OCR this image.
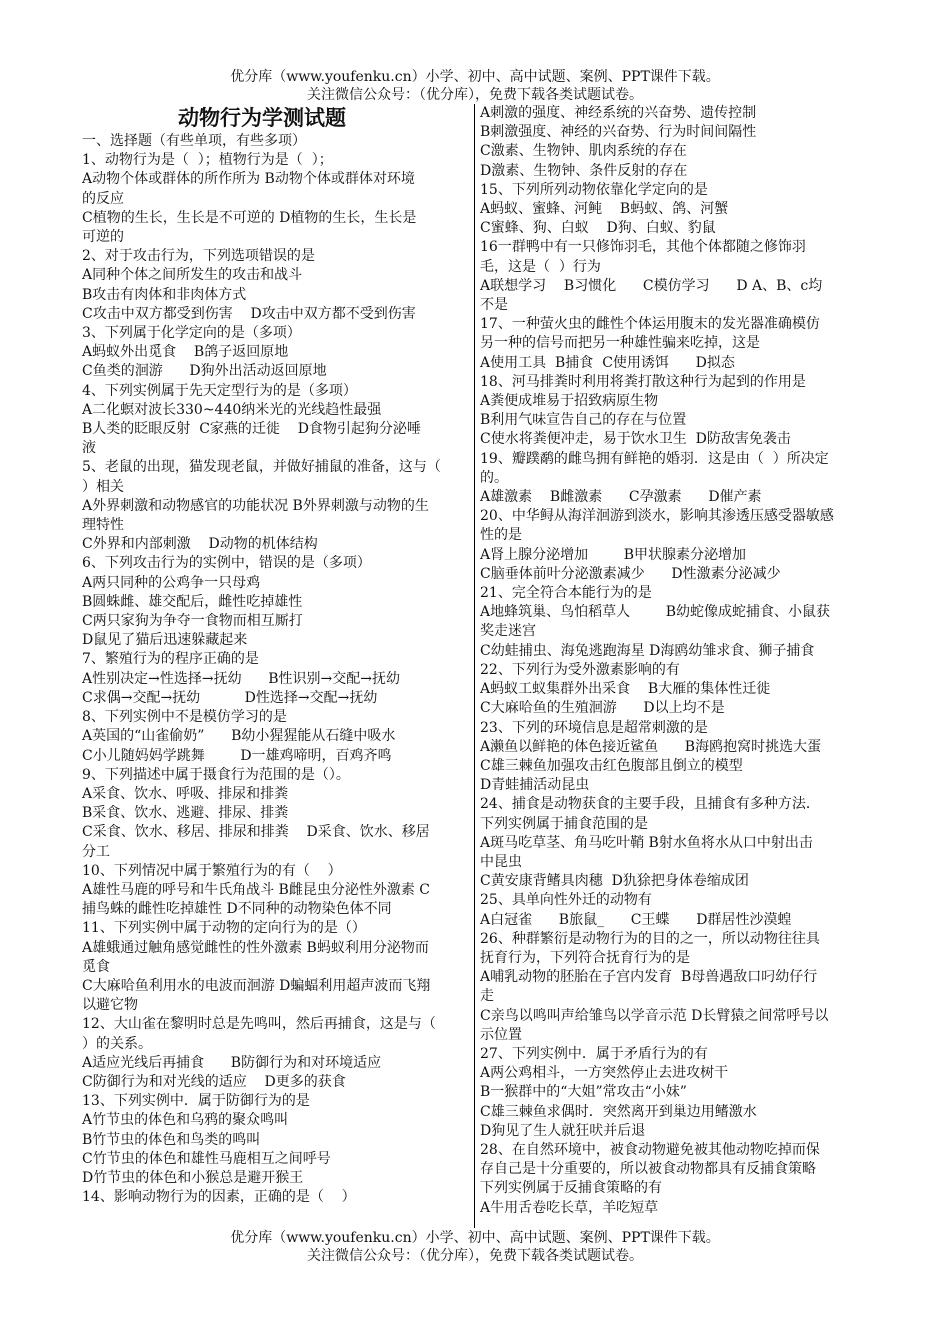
优分库（www.youfenku.cn）小学、初中、高中试题、案例、PPT课件下载。
关注微信公众号：（优分库），免费下载各类试题试卷。
动物行为学测试题
一、选择题（有些单项，有些多项）
1、动物行为是（  ）；植物行为是（  ）；
A动物个体或群体的所作所为 B动物个体或群体对环境
的反应
C植物的生长，生长是不可逆的 D植物的生长，生长是
可逆的
2、对于攻击行为，下列选项错误的是
A同种个体之间所发生的攻击和战斗
B攻击有肉体和非肉体方式
C攻击中双方都受到伤害    D攻击中双方都不受到伤害
3、下列属于化学定向的是（多项）
A蚂蚁外出觅食    B鸽子返回原地
C鱼类的洄游      D狗外出活动返回原地
4、下列实例属于先天定型行为的是（多项）
A二化螟对波长330~440纳米光的光线趋性最强
B人类的眨眼反射  C家燕的迁徙    D食物引起狗分泌唾
液
5、老鼠的出现，猫发现老鼠，并做好捕鼠的准备，这与（
）相关
A外界刺激和动物感官的功能状况 B外界刺激与动物的生
理特性
C外界和内部刺激    D动物的机体结构
6、下列攻击行为的实例中，错误的是（多项）
A两只同种的公鸡争一只母鸡
B圆蛛雌、雄交配后，雌性吃掉雄性
C两只家狗为争夺一食物而相互厮打
D鼠见了猫后迅速躲藏起来
7、繁殖行为的程序正确的是
A性别决定→性选择→抚幼      B性识别→交配→抚幼
C求偶→交配→抚幼          D性选择→交配→抚幼
8、下列实例中不是模仿学习的是
A英国的“山雀偷奶”      B幼小猩猩能从石缝中吸水
C小儿随妈妈学跳舞        D一雄鸡啼明，百鸡齐鸣
9、下列描述中属于摄食行为范围的是（）。
A采食、饮水、呼吸、排尿和排粪
B采食、饮水、逃避、排尿、排粪
C采食、饮水、移居、排尿和排粪    D采食、饮水、移居
分工
10、下列情况中属于繁殖行为的有（    ）
A雄性马鹿的呼号和牛氏角战斗 B雌昆虫分泌性外激素 C
捕鸟蛛的雌性吃掉雄性 D不同种的动物染色体不同
11、下列实例中属于动物的定向行为的是（）
A雄蛾通过触角感觉雌性的性外激素 B蚂蚁利用分泌物而
觅食
C大麻哈鱼利用水的电波而洄游 D蝙蝠利用超声波而飞翔
以避它物
12、大山雀在黎明时总是先鸣叫，然后再捕食，这是与（
）的关系。
A适应光线后再捕食      B防御行为和对环境适应
C防御行为和对光线的适应    D更多的获食
13、下列实例中．属于防御行为的是
A竹节虫的体色和乌鸦的聚众鸣叫
B竹节虫的体色和鸟类的鸣叫
C竹节虫的体色和雄性马鹿相互之间呼号
D竹节虫的体色和小猴总是避开猴王
14、影响动物行为的因素，正确的是（    ）
A刺激的强度、神经系统的兴奋势、遗传控制
B刺激强度、神经的兴奋势、行为时间间隔性
C激素、生物钟、肌肉系统的存在
D激素、生物钟、条件反射的存在
15、下列所列动物依靠化学定向的是
A蚂蚁、蜜蜂、河鲀    B蚂蚁、鸽、河蟹
C蜜蜂、狗、白蚁    D狗、白蚁、豹鼠
16一群鸭中有一只修饰羽毛，其他个体都随之修饰羽
毛，这是（  ）行为
A联想学习    B习惯化      C模仿学习      D A、B、c均
不是
17、一种萤火虫的雌性个体运用腹末的发光器准确模仿
另一种的信号而把另一种雄性骗来吃掉，这是
A使用工具  B捕食  C使用诱饵      D拟态
18、河马排粪时利用将粪打散这种行为起到的作用是
A粪便成堆易于招致病原生物
B利用气味宣告自己的存在与位置
C使水将粪便冲走，易于饮水卫生  D防敌害免袭击
19、瓣蹼鹬的雌鸟拥有鲜艳的婚羽．这是由（  ）所决定
的。
A雄激素    B雌激素      C孕激素      D催产素
20、中华鲟从海洋洄游到淡水，影响其渗透压感受器敏感
性的是
A肾上腺分泌增加        B甲状腺素分泌增加
C脑垂体前叶分泌激素减少      D性激素分泌减少
21、完全符合本能行为的是
A地蜂筑巢、鸟怕稻草人        B幼蛇像成蛇捕食、小鼠获
奖走迷宫
C幼蛙捕虫、海兔逃跑海星 D海鸥幼雏求食、狮子捕食
22、下列行为受外激素影响的有
A蚂蚁工蚁集群外出采食    B大雁的集体性迁徙
C大麻哈鱼的生殖洄游      D以上均不是
23、下列的环境信息是超常刺激的是
A濑鱼以鲜艳的体色接近鲨鱼      B海鸥抱窝时挑选大蛋
C雄三棘鱼加强攻击红色腹部且倒立的模型
D青蛙捕活动昆虫
24、捕食是动物获食的主要手段，且捕食有多种方法．
下列实例属于捕食范围的是
A斑马吃草茎、角马吃叶鞘 B射水鱼将水从口中射出击
中昆虫
C黄安康背鳍具肉穗  D犰狳把身体卷缩成团
25、具单向性外迁的动物有
A白冠雀      B旅鼠_      C王蝶      D群居性沙漠蝗
26、种群繁衍是动物行为的目的之一，所以动物往往具
抚育行为，下列符合抚育行为的是
A哺乳动物的胚胎在子宫内发育  B母兽遇敌口叼幼仔行
走
C亲鸟以鸣叫声给雏鸟以学音示范 D长臂猿之间常呼号以
示位置
27、下列实例中．属于矛盾行为的有
A两公鸡相斗，一方突然停止去进攻树干
B一猴群中的“大姐”常攻击“小妹”
C雄三棘鱼求偶时．突然离开到巢边用鳍激水
D狗见了生人就狂吠并后退
28、在自然环境中，被食动物避免被其他动物吃掉而保
存自己是十分重要的，所以被食动物都具有反捕食策略
下列实例属于反捕食策略的有
A牛用舌卷吃长草，羊吃短草
优分库（www.youfenku.cn）小学、初中、高中试题、案例、PPT课件下载。
关注微信公众号：（优分库），免费下载各类试题试卷。
